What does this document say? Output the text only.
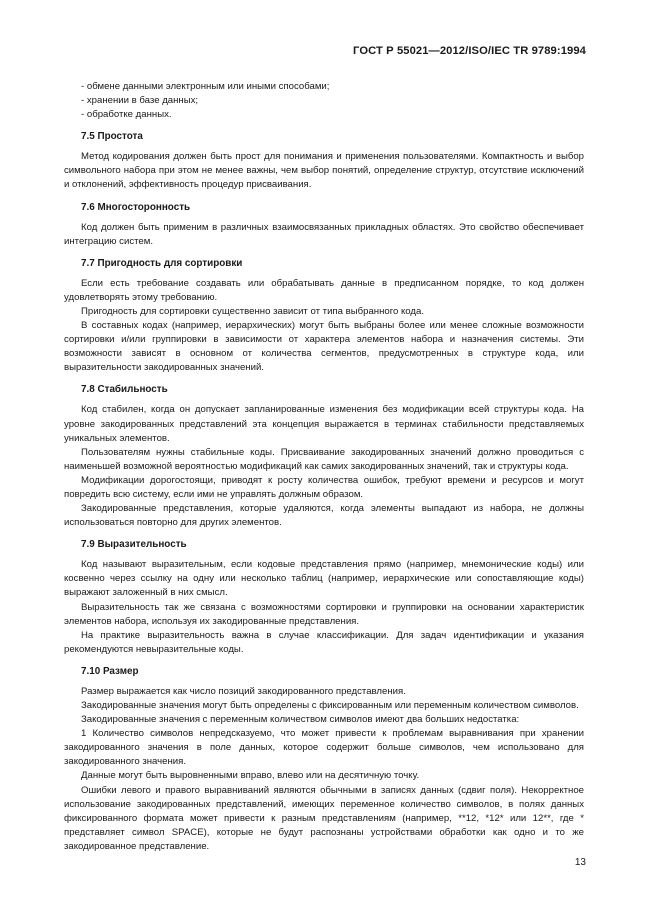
ГОСТ Р 55021—2012/ISO/IEC TR 9789:1994

- обмене данными электронным или иными способами;

- хранении в базе данных;

- обработке данных.

7.5 Простота

Метод кодирования должен быть прост для понимания и применения пользователями. Компактность и выбор символьного набора при этом не менее важны, чем выбор понятий, определение структур, отсутствие исключений и отклонений, эффективность процедур присваивания.

7.6 Многосторонность

Код должен быть применим в различных взаимосвязанных прикладных областях. Это свойство обеспечивает интеграцию систем.

7.7 Пригодность для сортировки

Если есть требование создавать или обрабатывать данные в предписанном порядке, то код должен удовлетворять этому требованию.

Пригодность для сортировки существенно зависит от типа выбранного кода.

В составных кодах (например, иерархических) могут быть выбраны более или менее сложные возможности сортировки и/или группировки в зависимости от характера элементов набора и назначения системы. Эти возможности зависят в основном от количества сегментов, предусмотренных в структуре кода, или выразительности закодированных значений.

7.8 Стабильность

Код стабилен, когда он допускает запланированные изменения без модификации всей структуры кода. На уровне закодированных представлений эта концепция выражается в терминах стабильности представляемых уникальных элементов.

Пользователям нужны стабильные коды. Присваивание закодированных значений должно проводиться с наименьшей возможной вероятностью модификаций как самих закодированных значений, так и структуры кода.

Модификации дорогостоящи, приводят к росту количества ошибок, требуют времени и ресурсов и могут повредить всю систему, если ими не управлять должным образом.

Закодированные представления, которые удаляются, когда элементы выпадают из набора, не должны использоваться повторно для других элементов.

7.9 Выразительность

Код называют выразительным, если кодовые представления прямо (например, мнемонические коды) или косвенно через ссылку на одну или несколько таблиц (например, иерархические или сопоставляющие коды) выражают заложенный в них смысл.

Выразительность так же связана с возможностями сортировки и группировки на основании характеристик элементов набора, используя их закодированные представления.

На практике выразительность важна в случае классификации. Для задач идентификации и указания рекомендуются невыразительные коды.

7.10 Размер

Размер выражается как число позиций закодированного представления.

Закодированные значения могут быть определены с фиксированным или переменным количеством символов.

Закодированные значения с переменным количеством символов имеют два больших недостатка:

1 Количество символов непредсказуемо, что может привести к проблемам выравнивания при хранении закодированного значения в поле данных, которое содержит больше символов, чем использовано для закодированного значения.

Данные могут быть выровненными вправо, влево или на десятичную точку.

Ошибки левого и правого выравниваний являются обычными в записях данных (сдвиг поля). Некорректное использование закодированных представлений, имеющих переменное количество символов, в полях данных фиксированного формата может привести к разным представлениям (например, **12, *12* или 12**, где * представляет символ SPACE), которые не будут распознаны устройствами обработки как одно и то же закодированное представление.

13
